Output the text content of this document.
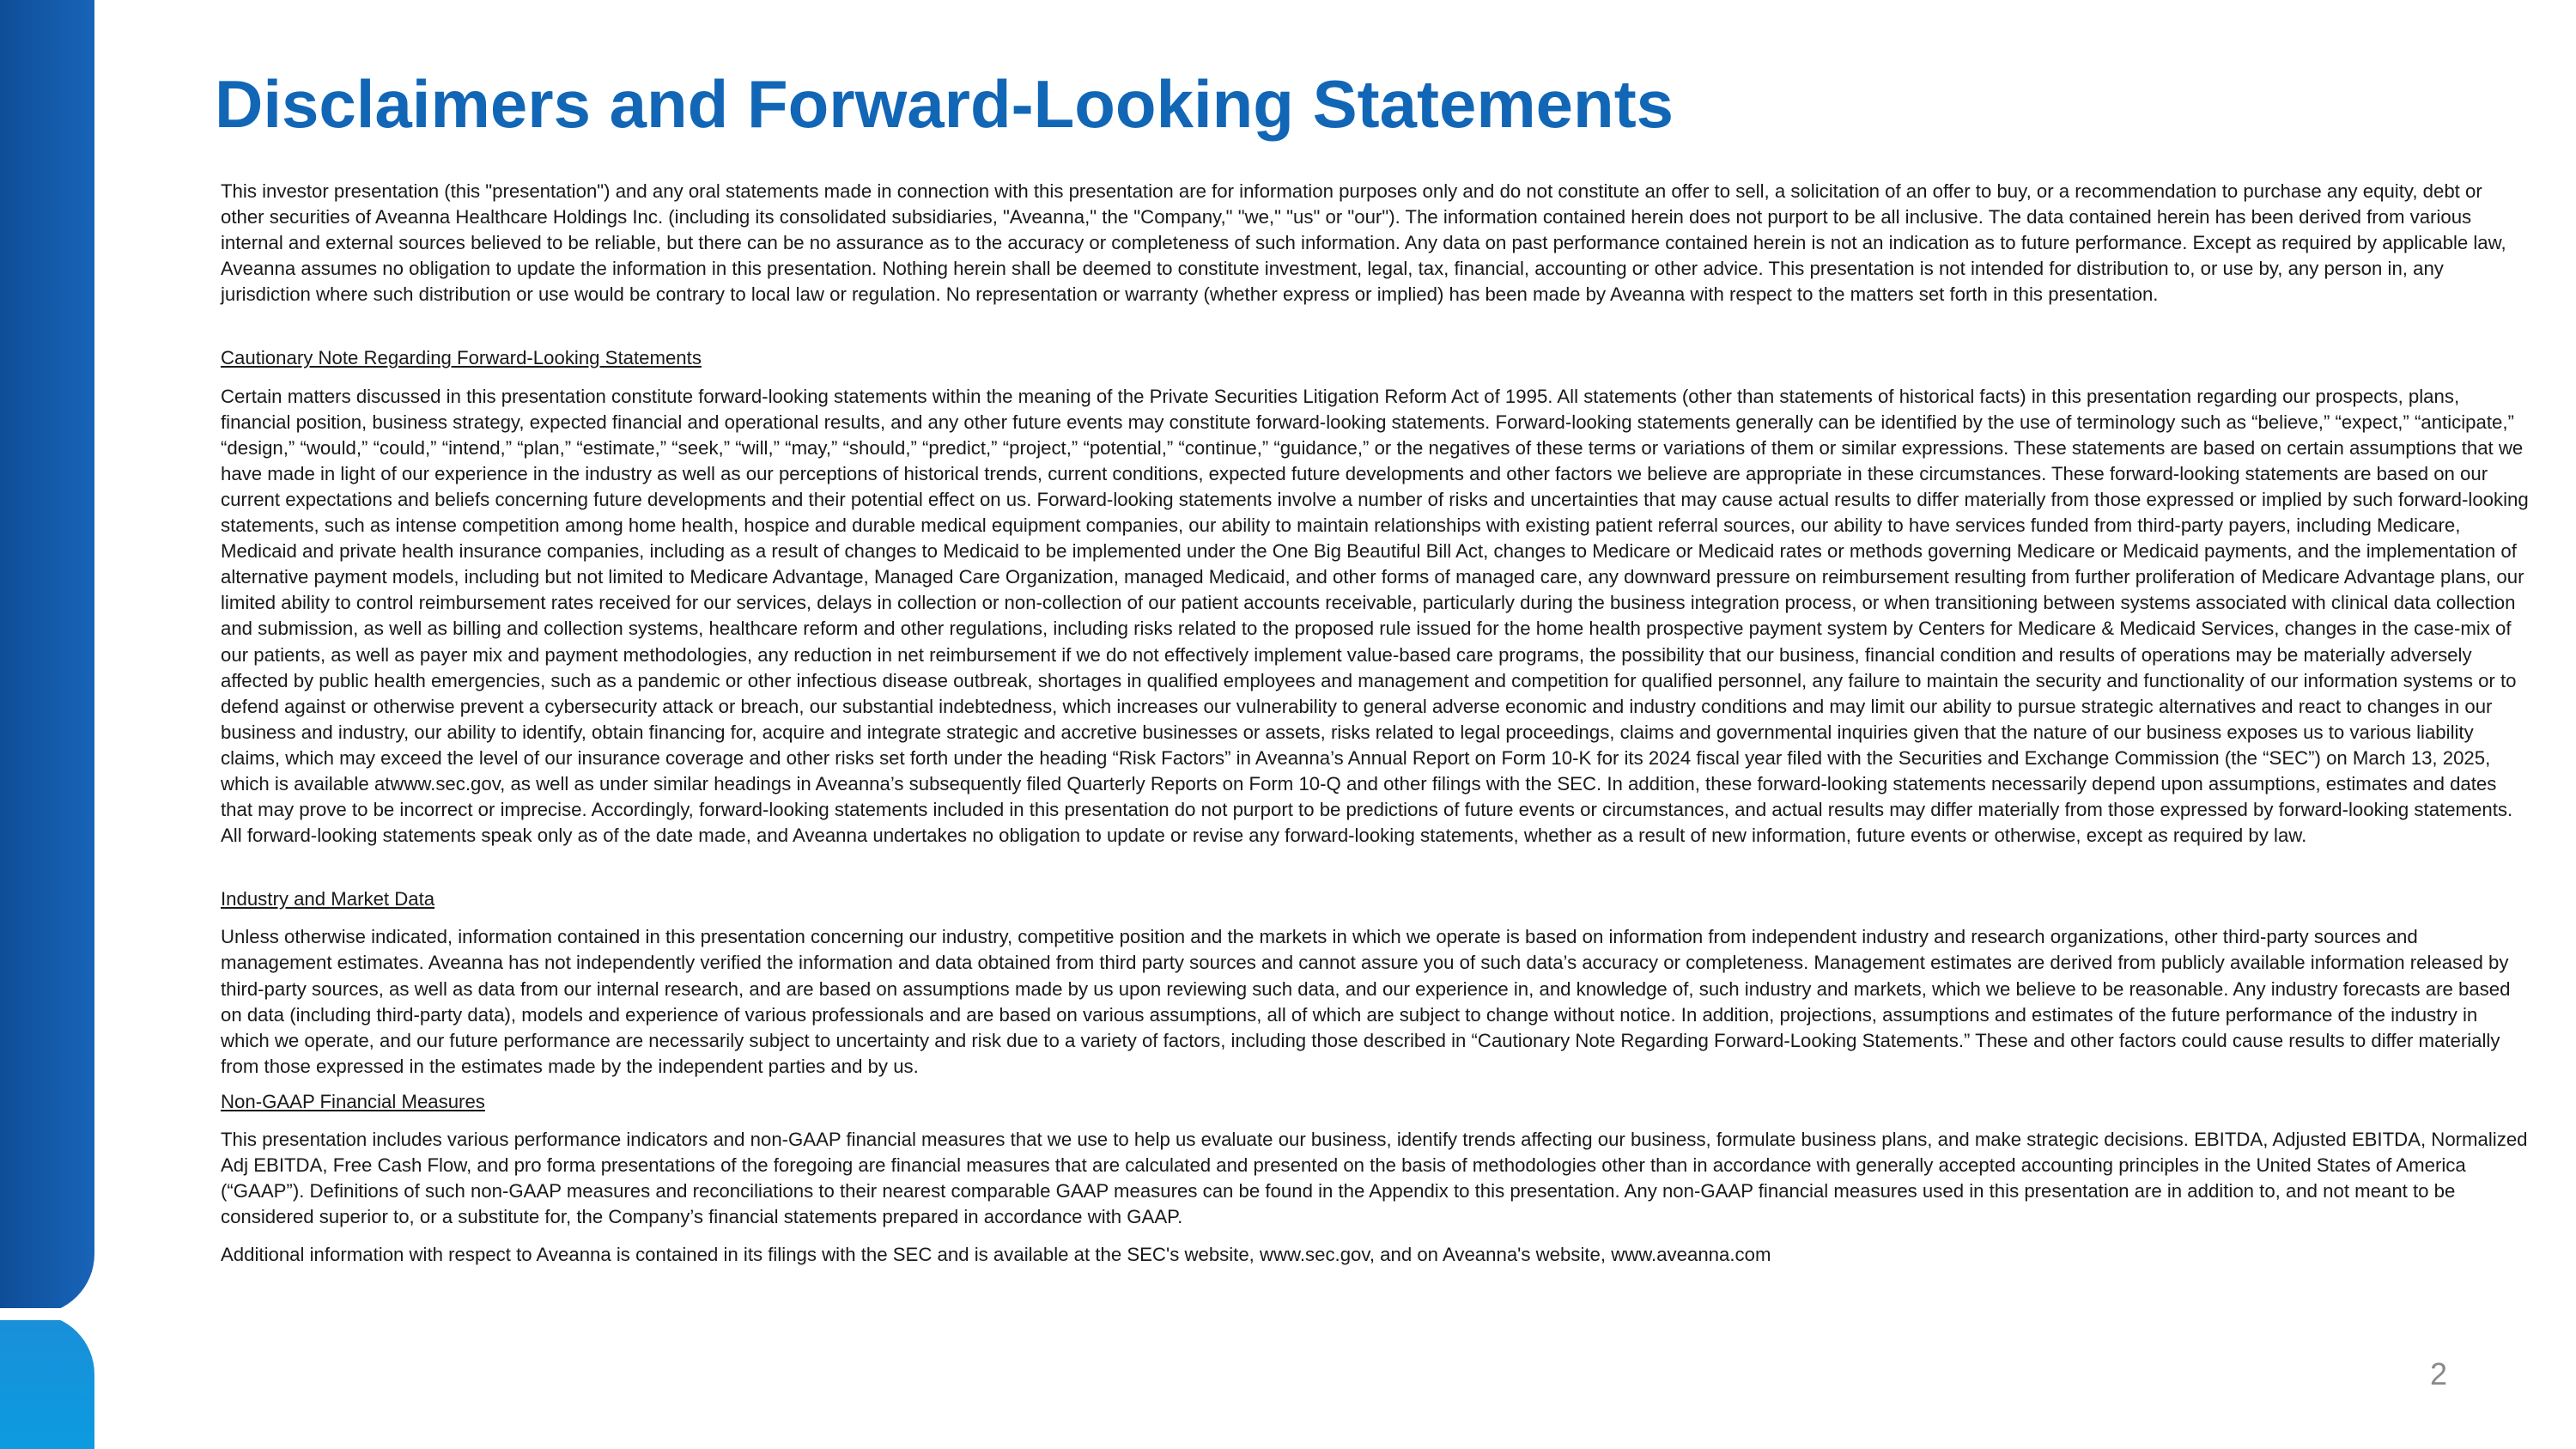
Disclaimers and Forward-Looking Statements

This investor presentation (this "presentation") and any oral statements made in connection with this presentation are for information purposes only and do not constitute an offer to sell, a solicitation of an offer to buy, or a recommendation to purchase any equity, debt or other securities of Aveanna Healthcare Holdings Inc. (including its consolidated subsidiaries, "Aveanna," the "Company," "we," "us" or "our"). The information contained herein does not purport to be all inclusive. The data contained herein has been derived from various internal and external sources believed to be reliable, but there can be no assurance as to the accuracy or completeness of such information. Any data on past performance contained herein is not an indication as to future performance. Except as required by applicable law, Aveanna assumes no obligation to update the information in this presentation. Nothing herein shall be deemed to constitute investment, legal, tax, financial, accounting or other advice. This presentation is not intended for distribution to, or use by, any person in, any jurisdiction where such distribution or use would be contrary to local law or regulation. No representation or warranty (whether express or implied) has been made by Aveanna with respect to the matters set forth in this presentation.

Cautionary Note Regarding Forward-Looking Statements

Certain matters discussed in this presentation constitute forward-looking statements within the meaning of the Private Securities Litigation Reform Act of 1995. All statements (other than statements of historical facts) in this presentation regarding our prospects, plans, financial position, business strategy, expected financial and operational results, and any other future events may constitute forward-looking statements. Forward-looking statements generally can be identified by the use of terminology such as “believe,” “expect,” “anticipate,” “design,” “would,” “could,” “intend,” “plan,” “estimate,” “seek,” “will,” “may,” “should,” “predict,” “project,” “potential,” “continue,” “guidance,” or the negatives of these terms or variations of them or similar expressions. These statements are based on certain assumptions that we have made in light of our experience in the industry as well as our perceptions of historical trends, current conditions, expected future developments and other factors we believe are appropriate in these circumstances. These forward-looking statements are based on our current expectations and beliefs concerning future developments and their potential effect on us. Forward-looking statements involve a number of risks and uncertainties that may cause actual results to differ materially from those expressed or implied by such forward-looking statements, such as intense competition among home health, hospice and durable medical equipment companies, our ability to maintain relationships with existing patient referral sources, our ability to have services funded from third-party payers, including Medicare, Medicaid and private health insurance companies, including as a result of changes to Medicaid to be implemented under the One Big Beautiful Bill Act, changes to Medicare or Medicaid rates or methods governing Medicare or Medicaid payments, and the implementation of alternative payment models, including but not limited to Medicare Advantage, Managed Care Organization, managed Medicaid, and other forms of managed care, any downward pressure on reimbursement resulting from further proliferation of Medicare Advantage plans, our limited ability to control reimbursement rates received for our services, delays in collection or non-collection of our patient accounts receivable, particularly during the business integration process, or when transitioning between systems associated with clinical data collection and submission, as well as billing and collection systems, healthcare reform and other regulations, including risks related to the proposed rule issued for the home health prospective payment system by Centers for Medicare & Medicaid Services, changes in the case-mix of our patients, as well as payer mix and payment methodologies, any reduction in net reimbursement if we do not effectively implement value-based care programs, the possibility that our business, financial condition and results of operations may be materially adversely affected by public health emergencies, such as a pandemic or other infectious disease outbreak, shortages in qualified employees and management and competition for qualified personnel, any failure to maintain the security and functionality of our information systems or to defend against or otherwise prevent a cybersecurity attack or breach, our substantial indebtedness, which increases our vulnerability to general adverse economic and industry conditions and may limit our ability to pursue strategic alternatives and react to changes in our business and industry, our ability to identify, obtain financing for, acquire and integrate strategic and accretive businesses or assets, risks related to legal proceedings, claims and governmental inquiries given that the nature of our business exposes us to various liability claims, which may exceed the level of our insurance coverage and other risks set forth under the heading “Risk Factors” in Aveanna’s Annual Report on Form 10-K for its 2024 fiscal year filed with the Securities and Exchange Commission (the “SEC”) on March 13, 2025, which is available atwww.sec.gov, as well as under similar headings in Aveanna’s subsequently filed Quarterly Reports on Form 10-Q and other filings with the SEC. In addition, these forward-looking statements necessarily depend upon assumptions, estimates and dates that may prove to be incorrect or imprecise. Accordingly, forward-looking statements included in this presentation do not purport to be predictions of future events or circumstances, and actual results may differ materially from those expressed by forward-looking statements. All forward-looking statements speak only as of the date made, and Aveanna undertakes no obligation to update or revise any forward-looking statements, whether as a result of new information, future events or otherwise, except as required by law.

Industry and Market Data

Unless otherwise indicated, information contained in this presentation concerning our industry, competitive position and the markets in which we operate is based on information from independent industry and research organizations, other third-party sources and management estimates. Aveanna has not independently verified the information and data obtained from third party sources and cannot assure you of such data’s accuracy or completeness. Management estimates are derived from publicly available information released by third-party sources, as well as data from our internal research, and are based on assumptions made by us upon reviewing such data, and our experience in, and knowledge of, such industry and markets, which we believe to be reasonable. Any industry forecasts are based on data (including third-party data), models and experience of various professionals and are based on various assumptions, all of which are subject to change without notice. In addition, projections, assumptions and estimates of the future performance of the industry in which we operate, and our future performance are necessarily subject to uncertainty and risk due to a variety of factors, including those described in “Cautionary Note Regarding Forward-Looking Statements.” These and other factors could cause results to differ materially from those expressed in the estimates made by the independent parties and by us.

Non-GAAP Financial Measures

This presentation includes various performance indicators and non-GAAP financial measures that we use to help us evaluate our business, identify trends affecting our business, formulate business plans, and make strategic decisions. EBITDA, Adjusted EBITDA, Normalized Adj EBITDA, Free Cash Flow, and pro forma presentations of the foregoing are financial measures that are calculated and presented on the basis of methodologies other than in accordance with generally accepted accounting principles in the United States of America (“GAAP”). Definitions of such non-GAAP measures and reconciliations to their nearest comparable GAAP measures can be found in the Appendix to this presentation. Any non-GAAP financial measures used in this presentation are in addition to, and not meant to be considered superior to, or a substitute for, the Company’s financial statements prepared in accordance with GAAP.

Additional information with respect to Aveanna is contained in its filings with the SEC and is available at the SEC's website, www.sec.gov, and on Aveanna's website, www.aveanna.com

2
